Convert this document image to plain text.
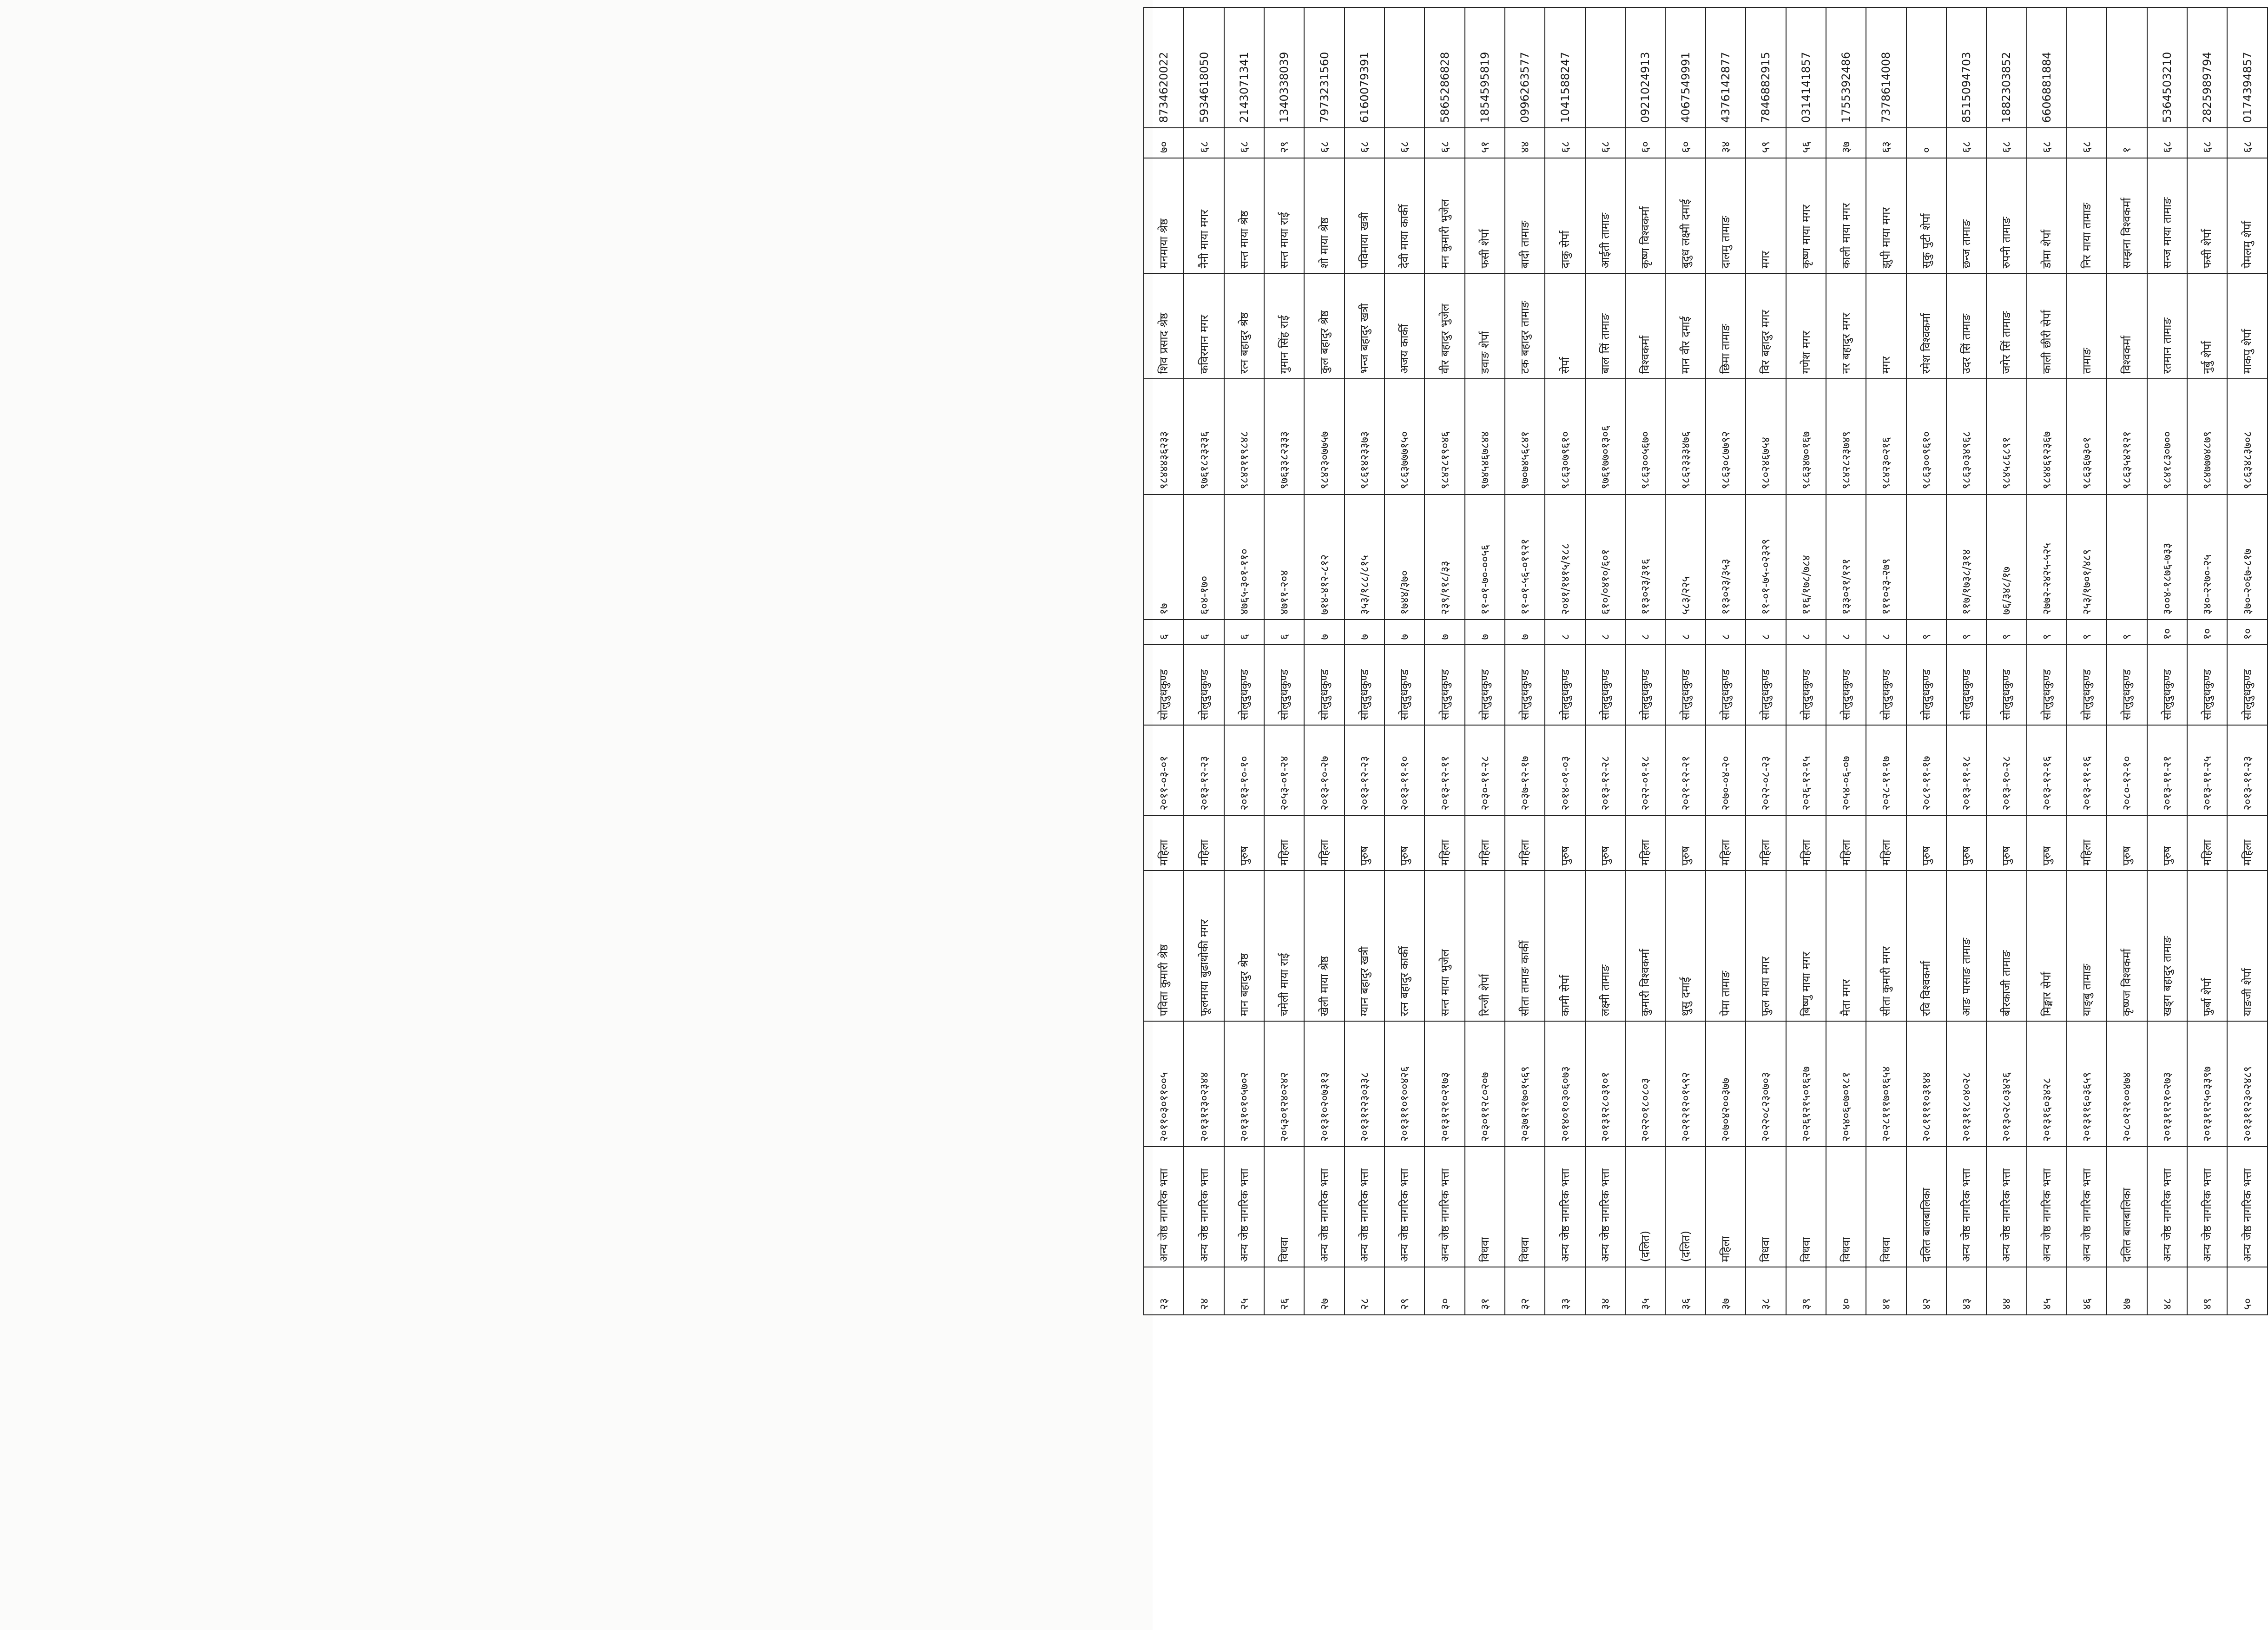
२३	अन्य जेष्ठ नागरिक भत्ता	२०११०३०११००५	पविता कुमारी श्रेष्ठ	महिला	२०११-०३-०१	सोलुदुधकुण्ड	६	१७	९८४४४३६२३३	शिव प्रसाद श्रेष्ठ	मनमाया श्रेष्ठ	७०	8734620022
२४	अन्य जेष्ठ नागरिक भत्ता	२०१३१२३०२३४४	फूलमाया बुढाथोकी मगर	महिला	२०१३-१२-२३	सोलुदुधकुण्ड	६	६०४-१७०	९७६१८२३२३६	कविरमान मगर	नैनी माया मगर	६८	5934618050
२५	अन्य जेष्ठ नागरिक भत्ता	२०१३१०१०५७०२	मान बहादुर श्रेष्ठ	पुरुष	२०१३-१०-१०	सोलुदुधकुण्ड	६	४७६५-३०१-११०	९८४२११९८४८	रत्न बहादुर श्रेष्ठ	सन्त माया श्रेष्ठ	६८	2143071341
२६	विधवा	२०५३०१२४०२४२	चमेली माया राई	महिला	२०५३-०१-२४	सोलुदुधकुण्ड	६	४७११-२०४	९७६३३८२३३३	गुमान सिंह राई	सन्त माया राई	२९	1340338039
२७	अन्य जेष्ठ नागरिक भत्ता	२०१३१०२०७३१३	खेली माया श्रेष्ठ	महिला	२०१३-१०-२७	सोलुदुधकुण्ड	७	७१४-४१२-८१२	९८४२३०७७५७	कुल बहादुर श्रेष्ठ	शो माया श्रेष्ठ	६८	7973231560
२८	अन्य जेष्ठ नागरिक भत्ता	२०१३१२२३०३३८	ग्यान बहादुर खत्री	पुरुष	२०१३-१२-२३	सोलुदुधकुण्ड	७	३५३/१८८/८१५	९८६१४२३३७३	भन्ज बहादुर खत्री	पविमाया खत्री	६८	6160079391
२९	अन्य जेष्ठ नागरिक भत्ता	२०१३११०१००४२६	रत्न बहादुर कार्की	पुरुष	२०१३-११-१०	सोलुदुधकुण्ड	७	१७४४/३७०	९८६३७७७१५०	अजय कार्की	देवी माया कार्की	६८	
३०	अन्य जेष्ठ नागरिक भत्ता	२०१३१२१०२१७३	सन्त माया भुजेल	महिला	२०१३-१२-११	सोलुदुधकुण्ड	७	२३९/११८/३३	९८४२८१९०४६	वीर बहादुर भुजेल	मन कुमारी भुजेल	६८	5865286828
३१	विधवा	२०३०११२८०२०७	रिन्जी शेर्पा	महिला	२०३०-११-२८	सोलुदुधकुण्ड	७	११-०१-७०-००५६	९७४५४६७८४४	डवाङ शेर्पा	फसी शेर्पा	५१	1854595819
३२	विधवा	२०३७१२१७०१५६९	सीता तामाङ कार्की	महिला	२०३७-१२-१७	सोलुदुधकुण्ड	७	११-०१-५६-०१९२१	९७०७४५६८४१	टक बहादुर तामाङ	बादी तामाङ	४४	0996263577
३३	अन्य जेष्ठ नागरिक भत्ता	२०१४०१०३०६०७३	कामी सेर्पा	पुरुष	२०१४-०१-०३	सोलुदुधकुण्ड	८	२०४१/१४१५/१८८	९८६३०७९६१०	सेर्पा	दाकु सेर्पा	६८	1041588247
३४	अन्य जेष्ठ नागरिक भत्ता	२०१३१२८०३१०१	लक्ष्मी तामाङ	पुरुष	२०१३-१२-२८	सोलुदुधकुण्ड	८	६१०/०४१०/६०१	९७६१७७०१३०६	बाल सिं तामाङ	आईती तामाङ	६८	
३५	(दलित)	२०२२०१८०८०३	कुमारी विश्वकर्मा	महिला	२०२२-०१-१८	सोलुदुधकुण्ड	८	११३०२३/३१६	९८६३००५६७०	विश्वकर्मा	कृष्ण विश्वकर्मा	६०	0921024913
३६	(दलित)	२०२१२१२०१५९२	थुसु दमाई	पुरुष	२०२१-१२-२१	सोलुदुधकुण्ड	८	५८३/२२५	९८६२३३३४७६	मान वीर दमाई	बुदुध लक्ष्मी दमाई	६०	4067549991
३७	महिला	२०७०४२००३७७	पेमा तामाङ	महिला	२०७०-०४-२०	सोलुदुधकुण्ड	८	११३०२३/३५३	९८६३०८७७९२	छिमा तामाङ	दालमु तामाङ	३४	4376142877
३८	विधवा	२०२२०८२३०७०३	फुल माया मगर	महिला	२०२२-०८-२३	सोलुदुधकुण्ड	८	११-०१-७५-०२३२९	९८०२४६७५४	विर बहादुर मगर	मगर	५९	7846882915
३९	विधवा	२०२६१२१५०१६२७	बिष्णु माया मगर	महिला	२०२६-१२-१५	सोलुदुधकुण्ड	८	११६/१७८/७८४	९८६३४७०१६७	गणेश मगर	कृष्ण माया मगर	५६	0314141857
४०	विधवा	२०५४०६०७०१८१	मैता मगर	महिला	२०५४-०६-०७	सोलुदुधकुण्ड	८	१३३०२१/१२१	९८४२८२३७४९	नर बहादुर मगर	काली माया मगर	३७	1755392486
४१	विधवा	२०२८१११७०१६५४	सीता कुमारी मगर	महिला	२०२८-११-१७	सोलुदुधकुण्ड	८	१११०२३-२७९	९८४२३०२१६	मगर	झुपी माया मगर	६३	7378614008
४२	दलित बालबालिका	२०८११११०३१४४	रवि विश्वकर्मा	पुरुष	२०८१-११-१७	सोलुदुधकुण्ड	९		९८६३००९६१०	रमेश विश्वकर्मा	सुकु पुटी शेर्पा	०	
४३	अन्य जेष्ठ नागरिक भत्ता	२०१३११८०४०२८	आङ पासाङ तामाङ	पुरुष	२०१३-११-१८	सोलुदुधकुण्ड	९	११७/१७३८/३१४	९८६३०३४९६८	उदर सिं तामाङ	छन्ज तामाङ	६८	8515094703
४४	अन्य जेष्ठ नागरिक भत्ता	२०१३०२८०३४२६	बीरकाजी तामाङ	पुरुष	२०१३-१०-२८	सोलुदुधकुण्ड	९	७६/३४८/१७	९८४५८६८९१	जगेर सिं तामाङ	रुपनी तामाङ	६८	1882303852
४५	अन्य जेष्ठ नागरिक भत्ता	२०१३१६०३४२८	मिङ्मार सेर्पा	पुरुष	२०१३-१२-१६	सोलुदुधकुण्ड	९	२७७२-२४२५-५२५	९८४४६१२३६७	काली छीरी सेर्पा	डोमा शेर्पा	६८	6606881884
४६	अन्य जेष्ठ नागरिक भत्ता	२०१३११६०३६५९	याङ्बु तामाङ	महिला	२०१३-११-१६	सोलुदुधकुण्ड	९	२५३/१७०१/४८९	९८६३६७३०१	तामाङ	निर माया तामाङ	६८	
४७	दलित बालबालिका	२०८०१२१००४७४	कृष्ण्ज विश्वकर्मा	पुरुष	२०८०-१२-१०	सोलुदुधकुण्ड	९		९८६३५४२१२१	विश्वकर्मा	सम्झना विश्वकर्मा	१	
४८	अन्य जेष्ठ नागरिक भत्ता	२०१३११२१०२७३	खड्ग बहादुर तामाङ	पुरुष	२०१३-११-२१	सोलुदुधकुण्ड	१०	३००४-१८७६-७३३	९८४१८३०७००	रतमान तामाङ	सन्ज माया तामाङ	६८	5364503210
४९	अन्य जेष्ठ नागरिक भत्ता	२०१३११२५०३३९७	फुर्बा शेर्पा	महिला	२०१३-११-२५	सोलुदुधकुण्ड	१०	३४०-२२७०-२५	९८४७७७४८७९	नुर्बु शेर्पा	फसी शेर्पा	६८	2825989794
५०	अन्य जेष्ठ नागरिक भत्ता	२०१३११२३०२४८९	याङजी शेर्पा	महिला	२०१३-११-२३	सोलुदुधकुण्ड	१०	३७०-२०६७-८१७	९८६३४८३७०८	माकपु शेर्पा	पेमलमु शेर्पा	६८	0174394857
